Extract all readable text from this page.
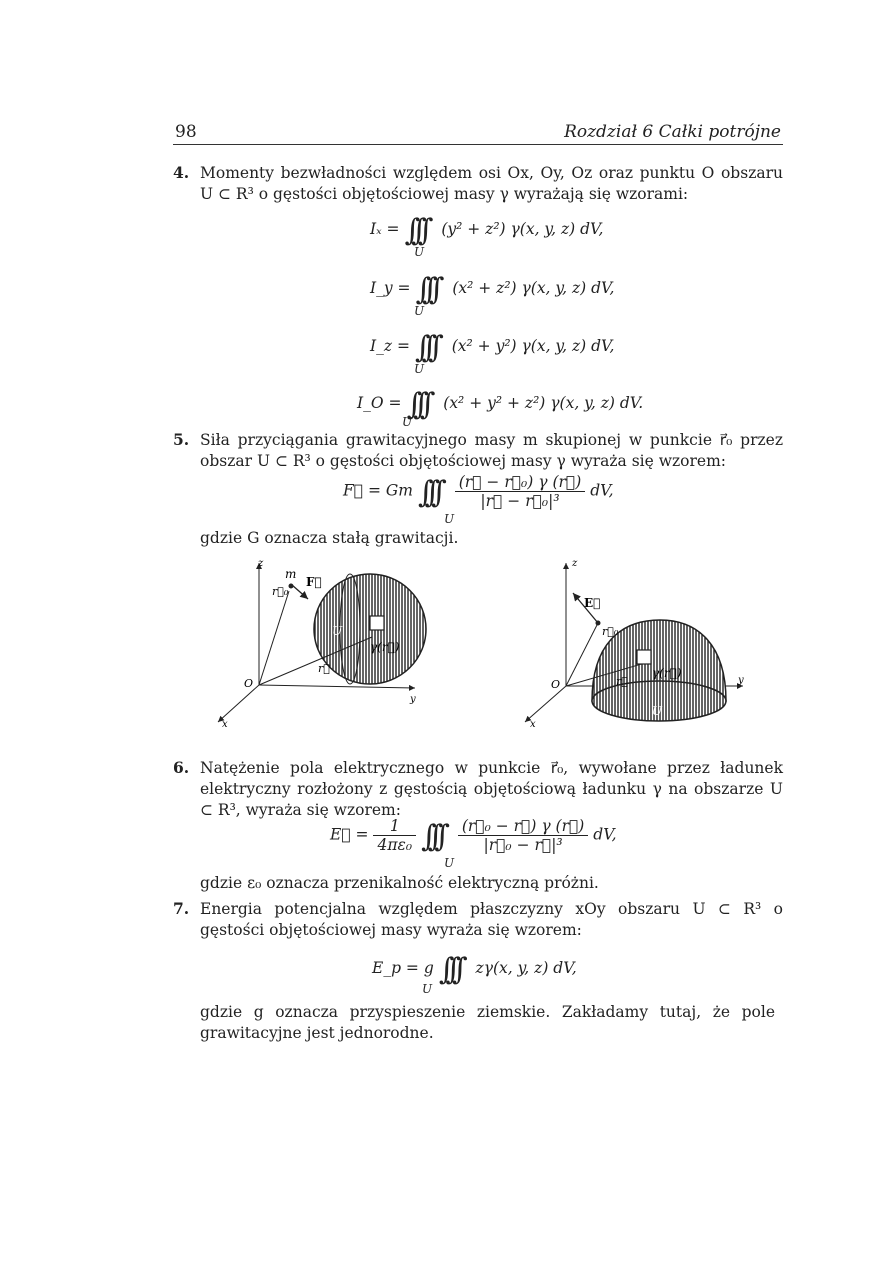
98	Rozdział 6 Całki potrójne
4. Momenty bezwładności względem osi Ox, Oy, Oz oraz punktu O obszaru U ⊂ R³ o gęstości objętościowej masy γ wyrażają się wzorami:
Iₓ = ∫∫∫ (y² + z²) γ(x, y, z) dV,
U
I_y = ∫∫∫ (x² + z²) γ(x, y, z) dV,
U
I_z = ∫∫∫ (x² + y²) γ(x, y, z) dV,
U
I_O = ∫∫∫ (x² + y² + z²) γ(x, y, z) dV.
U
5. Siła przyciągania grawitacyjnego masy m skupionej w punkcie r⃗₀ przez obszar U ⊂ R³ o gęstości objętościowej masy γ wyraża się wzorem:
F⃗ = Gm ∫∫∫ $\frac{\text{(r⃗ − r⃗₀) γ (r⃗)}}{\text{|r⃗ − r⃗₀|³}}$ dV,
U
gdzie G oznacza stałą grawitacji.
z
m
F⃗
r⃗₀
U
γ(r⃗)
r⃗
O
y
x
z
E⃗
r⃗₀
γ(r⃗)
r⃗
O	y
U
x
6. Natężenie pola elektrycznego w punkcie r⃗₀, wywołane przez ładunek elektryczny rozłożony z gęstością objętościową ładunku γ na obszarze U ⊂ R³, wyraża się wzorem:
E⃗ = $\frac{1}{\text{4πε₀}}$ ∫∫∫ $\frac{\text{(r⃗₀ − r⃗) γ (r⃗)}}{\text{|r⃗₀ − r⃗|³}}$ dV,
U
gdzie ε₀ oznacza przenikalność elektryczną próżni.
7. Energia potencjalna względem płaszczyzny xOy obszaru U ⊂ R³ o gęstości objętościowej masy wyraża się wzorem:
E_p = g ∫∫∫ zγ(x, y, z) dV,
U
gdzie g oznacza przyspieszenie ziemskie. Zakładamy tutaj, że pole grawitacyjne jest jednorodne.
